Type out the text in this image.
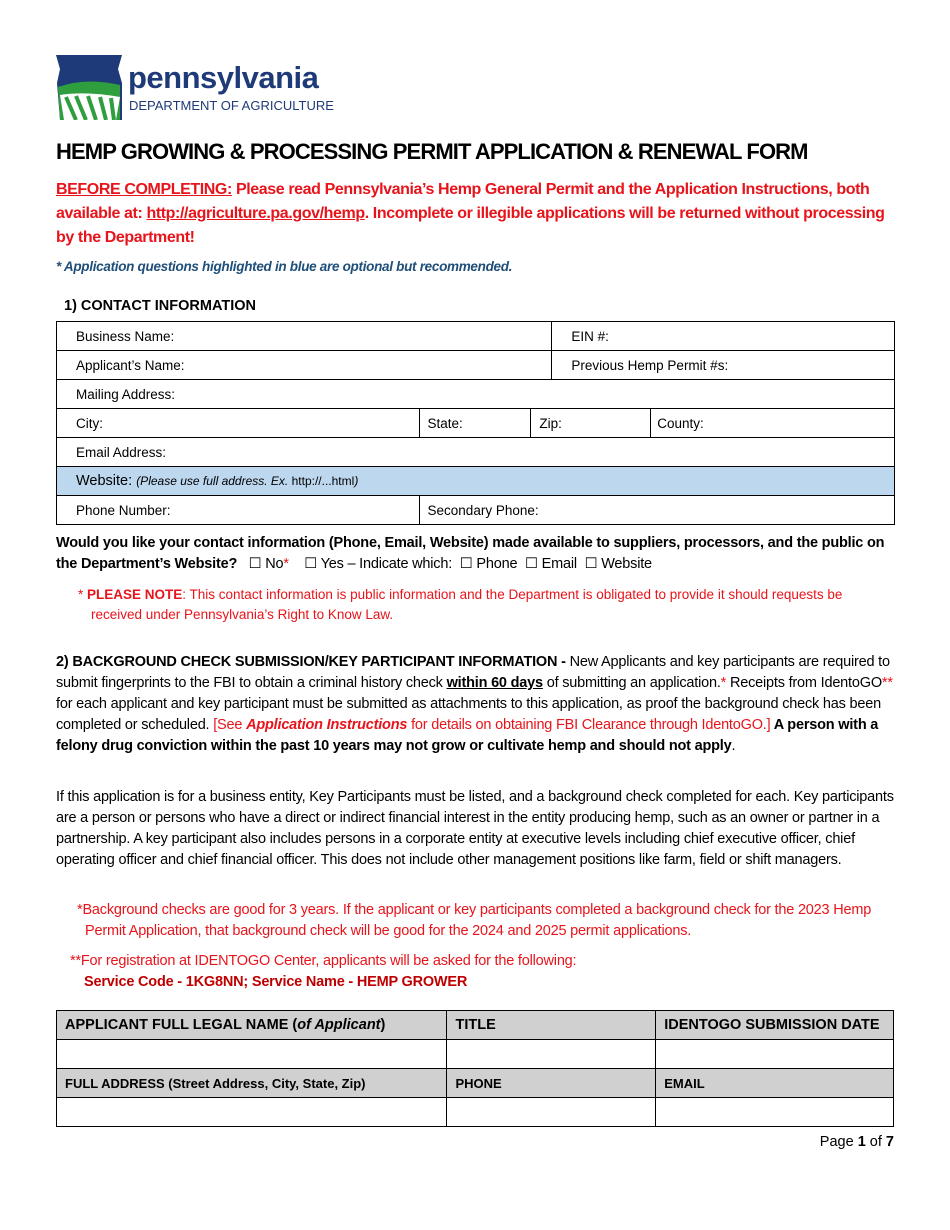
pennsylvania
DEPARTMENT OF AGRICULTURE
HEMP GROWING & PROCESSING PERMIT APPLICATION & RENEWAL FORM
BEFORE COMPLETING: Please read Pennsylvania’s Hemp General Permit and the Application Instructions, both available at: http://agriculture.pa.gov/hemp. Incomplete or illegible applications will be returned without processing by the Department!
* Application questions highlighted in blue are optional but recommended.
1) CONTACT INFORMATION
Business Name:			EIN #:	
Applicant’s Name:			Previous Hemp Permit #s:	
Mailing Address:				
City:	State:	Zip:		County:
Email Address:				
Website: (Please use full address. Ex. http://...html)				
Phone Number:	Secondary Phone:			
Would you like your contact information (Phone, Email, Website) made available to suppliers, processors, and the public on the Department’s Website? ☐ No* ☐ Yes – Indicate which: ☐ Phone ☐ Email ☐ Website
* PLEASE NOTE: This contact information is public information and the Department is obligated to provide it should requests be received under Pennsylvania’s Right to Know Law.
2) BACKGROUND CHECK SUBMISSION/KEY PARTICIPANT INFORMATION - New Applicants and key participants are required to submit fingerprints to the FBI to obtain a criminal history check within 60 days of submitting an application.* Receipts from IdentoGO** for each applicant and key participant must be submitted as attachments to this application, as proof the background check has been completed or scheduled. [See Application Instructions for details on obtaining FBI Clearance through IdentoGO.] A person with a felony drug conviction within the past 10 years may not grow or cultivate hemp and should not apply.
If this application is for a business entity, Key Participants must be listed, and a background check completed for each. Key participants are a person or persons who have a direct or indirect financial interest in the entity producing hemp, such as an owner or partner in a partnership. A key participant also includes persons in a corporate entity at executive levels including chief executive officer, chief operating officer and chief financial officer. This does not include other management positions like farm, field or shift managers.
*Background checks are good for 3 years. If the applicant or key participants completed a background check for the 2023 Hemp Permit Application, that background check will be good for the 2024 and 2025 permit applications.
**For registration at IDENTOGO Center, applicants will be asked for the following:
Service Code - 1KG8NN; Service Name - HEMP GROWER
APPLICANT FULL LEGAL NAME (of Applicant)	TITLE	IDENTOGO SUBMISSION DATE

FULL ADDRESS (Street Address, City, State, Zip)	PHONE	EMAIL

Page 1 of 7
